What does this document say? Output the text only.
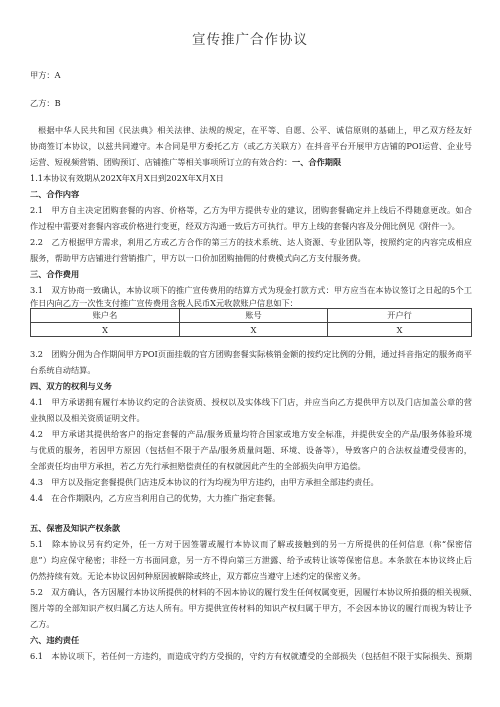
宣传推广合作协议
甲方：A
乙方：B
根据中华人民共和国《民法典》相关法律、法规的规定，在平等、自愿、公平、诚信原则的基础上，甲乙双方经友好
协商签订本协议，以兹共同遵守。本合同是甲方委托乙方（或乙方关联方）在抖音平台开展甲方店铺的POI运营、企业号
运营、短视频营销、团购预订、店铺推广等相关事项所订立的有效合约：一、合作期限
1.1本协议有效期从202X年X月X日到202X年X月X日
二、合作内容
2.1　甲方自主决定团购套餐的内容、价格等，乙方为甲方提供专业的建议，团购套餐确定并上线后不得随意更改。如合
作过程中需要对套餐内容或价格进行变更，经双方沟通一致后方可执行。甲方上线的套餐内容及分佣比例见《附件一》。
2.2　乙方根据甲方需求，利用乙方或乙方合作的第三方的技术系统、达人资源、专业团队等，按照约定的内容完成相应
服务，帮助甲方店铺进行营销推广，甲方以一口价加团购抽佣的付费模式向乙方支付服务费。
三、合作费用
3.1　双方协商一致确认，本协议项下的推广宣传费用的结算方式为现金打款方式：甲方应当在本协议签订之日起的5个工
作日内向乙方一次性支付推广宣传费用含税人民币X元收款账户信息如下：
账户名	账号	开户行
X	X	X
3.2　团购分佣为合作期间甲方POI页面挂载的官方团购套餐实际核销金额的按约定比例的分佣，通过抖音指定的服务商平
台系统自动结算。
四、双方的权利与义务
4.1　甲方承诺拥有履行本协议约定的合法资质、授权以及实体线下门店，并应当向乙方提供甲方以及门店加盖公章的营
业执照以及相关资质证明文件。
4.2　甲方承诺其提供给客户的指定套餐的产品/服务质量均符合国家或地方安全标准，并提供安全的产品/服务体验环境
与优质的服务，若因甲方原因（包括但不限于产品/服务质量问题、环境、设备等），导致客户的合法权益遭受侵害的，
全部责任均由甲方承担，若乙方先行承担赔偿责任的有权就因此产生的全部损失向甲方追偿。
4.3　甲方以及指定套餐提供门店违反本协议的行为均视为甲方违约，由甲方承担全部违约责任。
4.4　在合作期限内，乙方应当利用自己的优势，大力推广指定套餐。
五、保密及知识产权条款
5.1　除本协议另有约定外，任一方对于因签署或履行本协议而了解或接触到的另一方所提供的任何信息（称“保密信
息”）均应保守秘密；非经一方书面同意，另一方不得向第三方泄露、给予或转让该等保密信息。本条款在本协议终止后
仍然持续有效。无论本协议因何种原因被解除或终止，双方都应当遵守上述约定的保密义务。
5.2　双方确认，各方因履行本协议所提供的材料的不因本协议的履行发生任何权属变更，因履行本协议所拍摄的相关视频、
图片等的全部知识产权归属乙方达人所有。甲方提供宣传材料的知识产权归属于甲方，不会因本协议的履行而视为转让予
乙方。
六、违约责任
6.1　本协议项下，若任何一方违约，而造成守约方受损的，守约方有权就遭受的全部损失（包括但不限于实际损失、预期
